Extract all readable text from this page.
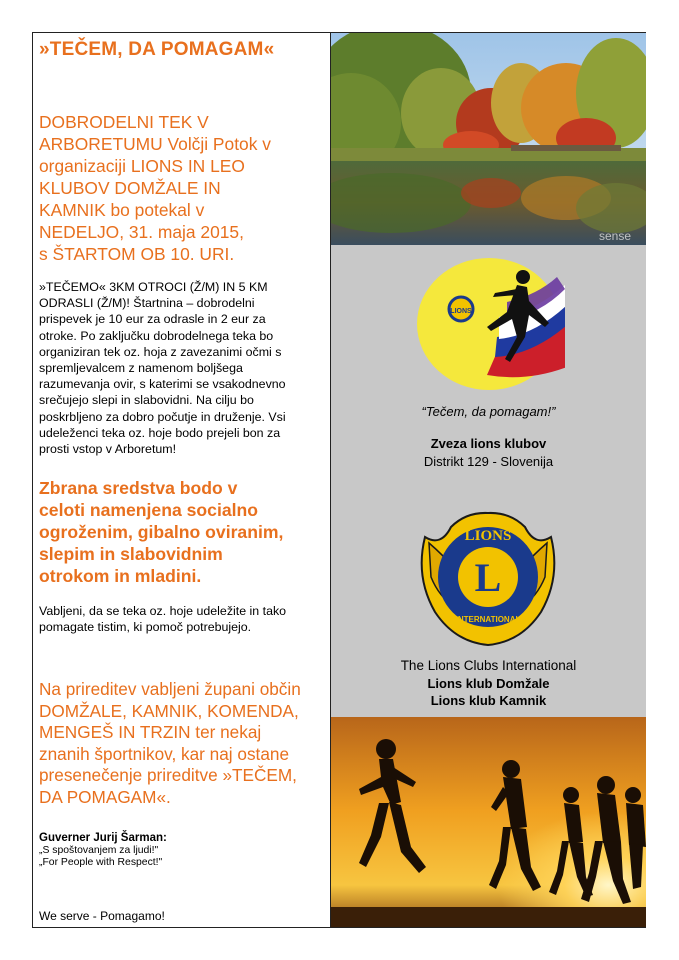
»TEČEM, DA POMAGAM«
DOBRODELNI TEK V
ARBORETUMU Volčji Potok v
organizaciji LIONS IN LEO
KLUBOV DOMŽALE IN
KAMNIK bo potekal v
NEDELJO, 31. maja 2015,
s ŠTARTOM OB 10. URI.
»TEČEMO« 3KM OTROCI (Ž/M) IN 5 KM
ODRASLI (Ž/M)! Štartnina – dobrodelni
prispevek je 10 eur za odrasle in 2 eur za
otroke. Po zaključku dobrodelnega teka bo
organiziran tek oz. hoja z zavezanimi očmi s
spremljevalcem z namenom boljšega
razumevanja ovir, s katerimi se vsakodnevno
srečujejo slepi in slabovidni. Na cilju bo
poskrbljeno za dobro počutje in druženje. Vsi
udeleženci teka oz. hoje bodo prejeli bon za
prosti vstop v Arboretum!
Zbrana sredstva bodo v
celoti namenjena socialno
ogroženim, gibalno oviranim,
slepim in slabovidnim
otrokom in mladini.
Vabljeni, da se teka oz. hoje udeležite in tako
pomagate tistim, ki pomoč potrebujejo.
Na prireditev vabljeni župani občin
DOMŽALE, KAMNIK, KOMENDA,
MENGEŠ IN TRZIN ter nekaj
znanih športnikov, kar naj ostane
presenečenje prireditve »TEČEM,
DA POMAGAM«.
Guverner Jurij Šarman:
„S spoštovanjem za ljudi!"
„For People with Respect!"
We serve - Pomagamo!
sense
LIONS
“Tečem, da pomagam!”
Zveza lions klubov
Distrikt 129 - Slovenija
L
LIONS
INTERNATIONAL
The Lions Clubs International
Lions klub Domžale
Lions klub Kamnik
